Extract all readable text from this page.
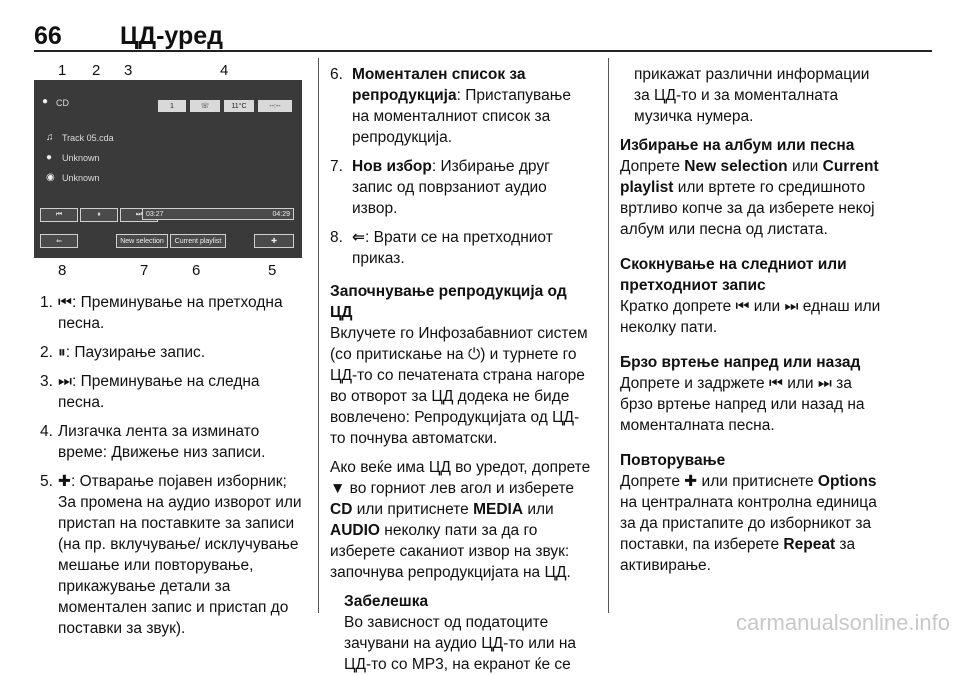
66 ЦД-уред
1 2 3	4
● CD	1	☏	11°C	--:--
♫ Track 05.cda
● Unknown
◉ Unknown
⏮	⏸	⏭ 03:27	04:29
⇐	New selection	Current playlist	✚
8	7	6	5
1. ⏮: Преминување на претходна песна.
2. ⏸: Паузирање запис.
3. ⏭: Преминување на следна песна.
4. Лизгачка лента за изминато време: Движење низ записи.
5. ✚: Отварање појавен изборник; За промена на аудио изворот или пристап на поставките за записи (на пр. вклучување/ исклучување мешање или повторување, прикажување детали за моментален запис и пристап до поставки за звук).
6. Моментален список за репродукција: Пристапување на моменталниот список за репродукција.
7. Нов избор: Избирање друг запис од поврзаниот аудио извор.
8. ⇐: Врати се на претходниот приказ.

Започнување репродукција од ЦД

Вклучете го Инфозабавниот систем (со притискање на ⏻) и турнете го ЦД-то со печатената страна нагоре во отворот за ЦД додека не биде вовлечено: Репродукцијата од ЦД-то почнува автоматски.

Ако веќе има ЦД во уредот, допрете ▼ во горниот лев агол и изберете CD или притиснете MEDIA или AUDIO неколку пати за да го изберете саканиот извор на звук: започнува репродукцијата на ЦД.

Забелешка
Во зависност од податоците зачувани на аудио ЦД-то или на ЦД-то со MP3, на екранот ќе се

прикажат различни информации за ЦД-то и за моменталната музичка нумера.

Избирање на албум или песна

Допрете New selection или Current playlist или вртете го средишното вртливо копче за да изберете некој албум или песна од листата.

Скокнување на следниот или претходниот запис

Кратко допрете ⏮ или ⏭ еднаш или неколку пати.

Брзо вртење напред или назад

Допрете и задржете ⏮ или ⏭ за брзо вртење напред или назад на моменталната песна.

Повторување

Допрете ✚ или притиснете Options на централната контролна единица за да пристапите до изборникот за поставки, па изберете Repeat за активирање.

carmanualsonline.info
